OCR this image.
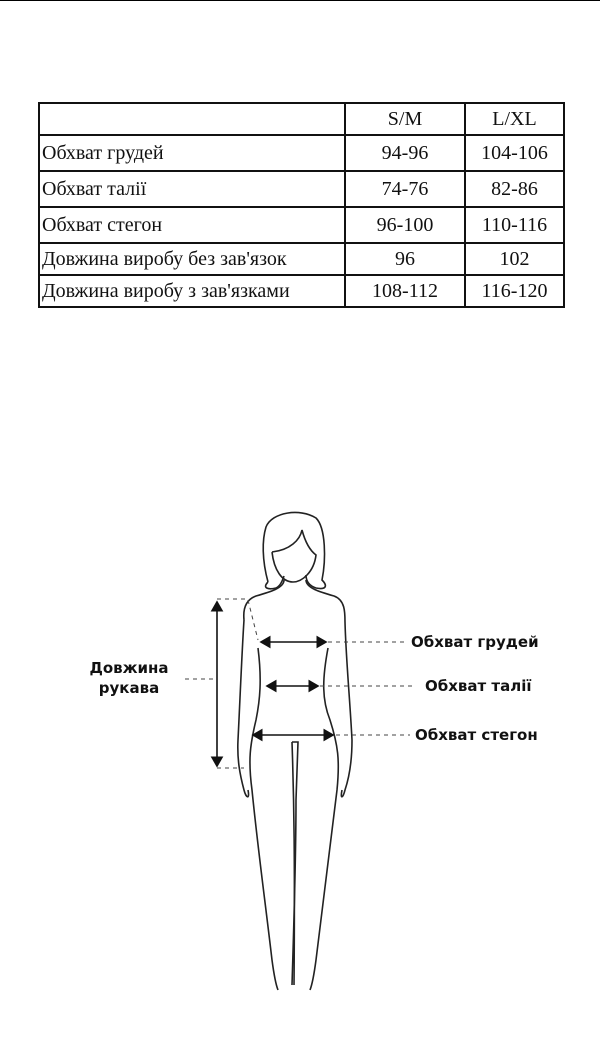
	S/M	L/XL
Обхват грудей	94-96	104-106
Обхват талії	74-76	82-86
Обхват стегон	96-100	110-116
Довжина виробу без зав'язок	96	102
Довжина виробу з зав'язками	108-112	116-120
Довжина
рукава
Обхват грудей
Обхват талії
Обхват стегон
